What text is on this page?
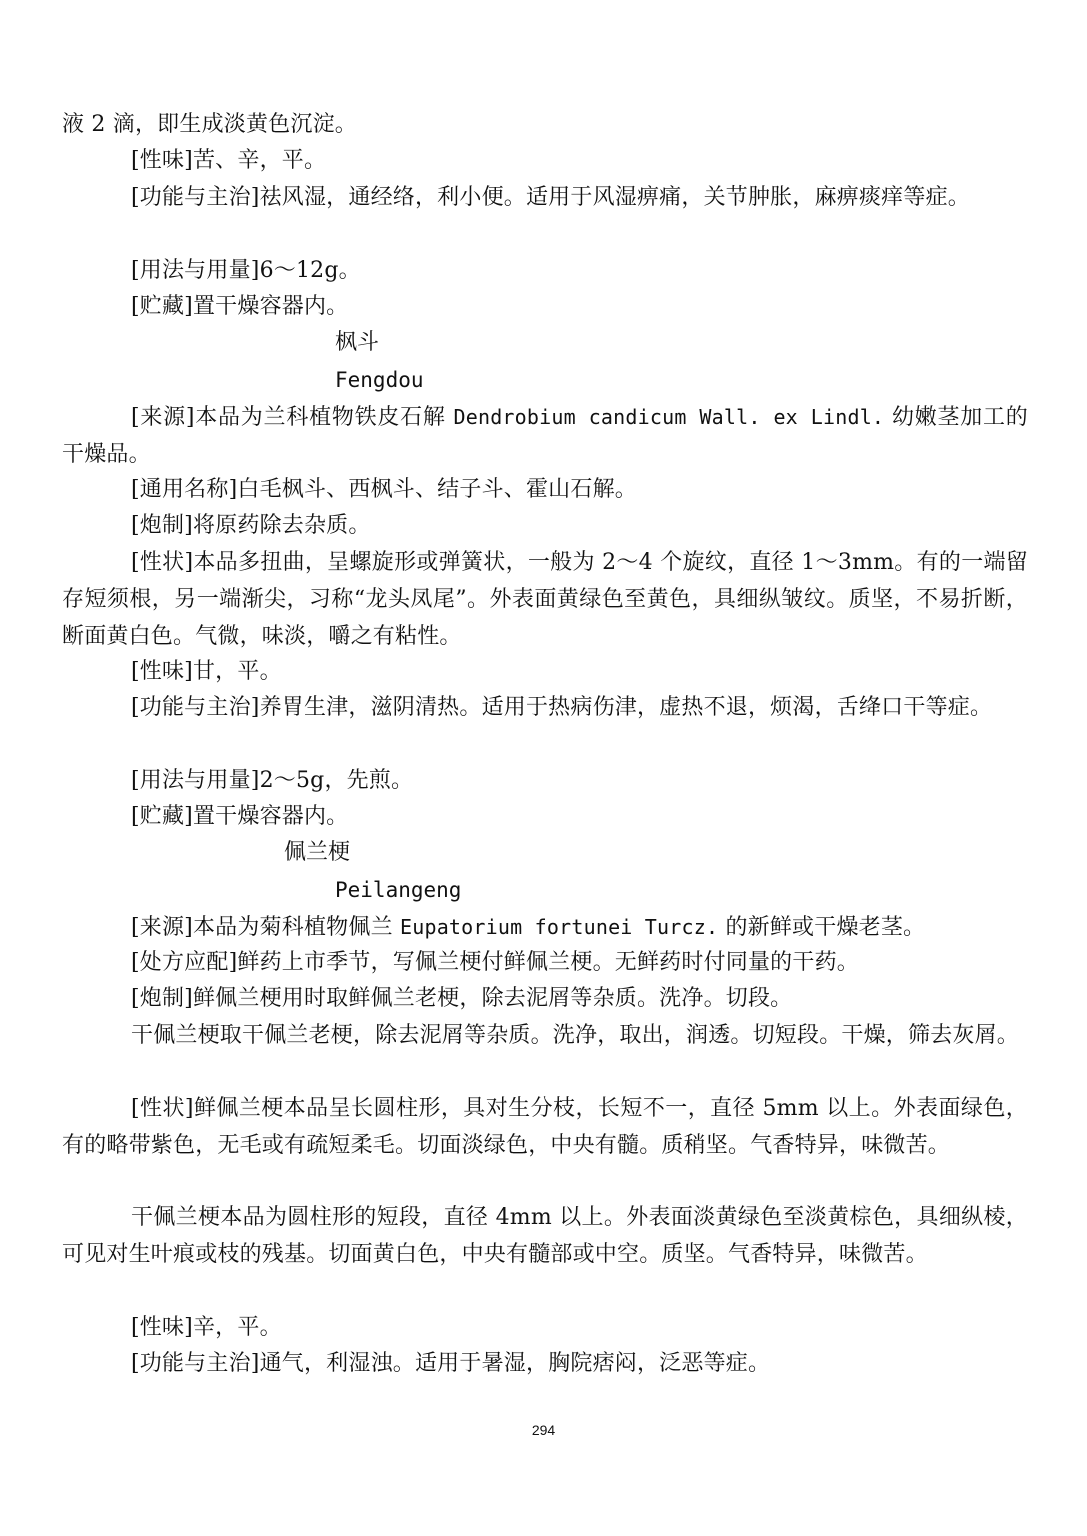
液 2 滴，即生成淡黄色沉淀。
[性味]苦、辛，平。
[功能与主治]祛风湿，通经络，利小便。适用于风湿痹痛，关节肿胀，麻痹痰痒等症。
[用法与用量]6～12g。
[贮藏]置干燥容器内。
枫斗
Fengdou
[来源]本品为兰科植物铁皮石解 Dendrobium candicum Wall. ex Lindl. 幼嫩茎加工的干燥品。
[通用名称]白毛枫斗、西枫斗、结子斗、霍山石解。
[炮制]将原药除去杂质。
[性状]本品多扭曲，呈螺旋形或弹簧状，一般为 2～4 个旋纹，直径 1～3mm。有的一端留存短须根，另一端渐尖，习称“龙头凤尾”。外表面黄绿色至黄色，具细纵皱纹。质坚，不易折断，断面黄白色。气微，味淡，嚼之有粘性。
[性味]甘，平。
[功能与主治]养胃生津，滋阴清热。适用于热病伤津，虚热不退，烦渴，舌绛口干等症。
[用法与用量]2～5g，先煎。
[贮藏]置干燥容器内。
佩兰梗
Peilangeng
[来源]本品为菊科植物佩兰 Eupatorium fortunei Turcz. 的新鲜或干燥老茎。
[处方应配]鲜药上市季节，写佩兰梗付鲜佩兰梗。无鲜药时付同量的干药。
[炮制]鲜佩兰梗用时取鲜佩兰老梗，除去泥屑等杂质。洗净。切段。
干佩兰梗取干佩兰老梗，除去泥屑等杂质。洗净，取出，润透。切短段。干燥，筛去灰屑。
[性状]鲜佩兰梗本品呈长圆柱形，具对生分枝，长短不一，直径 5mm 以上。外表面绿色，有的略带紫色，无毛或有疏短柔毛。切面淡绿色，中央有髓。质稍坚。气香特异，味微苦。
干佩兰梗本品为圆柱形的短段，直径 4mm 以上。外表面淡黄绿色至淡黄棕色，具细纵棱，可见对生叶痕或枝的残基。切面黄白色，中央有髓部或中空。质坚。气香特异，味微苦。
[性味]辛，平。
[功能与主治]通气，利湿浊。适用于暑湿，胸院痞闷，泛恶等症。
294
